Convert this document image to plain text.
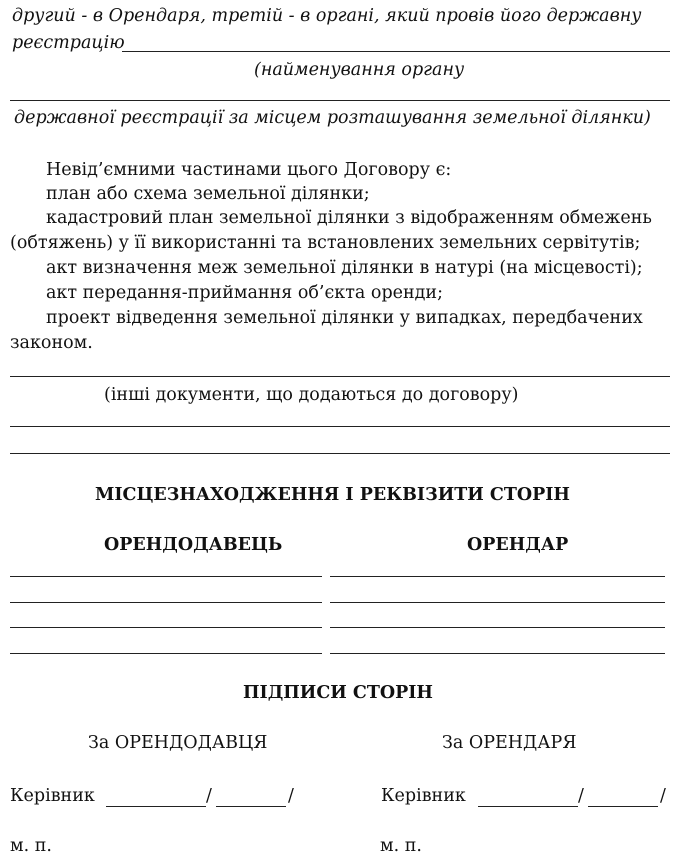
другий - в Орендаря, третій - в органі, який провів його державну
реєстрацію
(найменування органу
державної реєстрації за місцем розташування земельної ділянки)
Невід’ємними частинами цього Договору є:
план або схема земельної ділянки;
кадастровий план земельної ділянки з відображенням обмежень
(обтяжень) у її використанні та встановлених земельних сервітутів;
акт визначення меж земельної ділянки в натурі (на місцевості);
акт передання-приймання об’єкта оренди;
проект відведення земельної ділянки у випадках, передбачених
законом.
(інші документи, що додаються до договору)
МІСЦЕЗНАХОДЖЕННЯ І РЕКВІЗИТИ СТОРІН
ОРЕНДОДАВЕЦЬ	ОРЕНДАР
ПІДПИСИ СТОРІН
За ОРЕНДОДАВЦЯ	За ОРЕНДАРЯ
Керівник	/	/	Керівник	/	/
м. п.	м. п.
